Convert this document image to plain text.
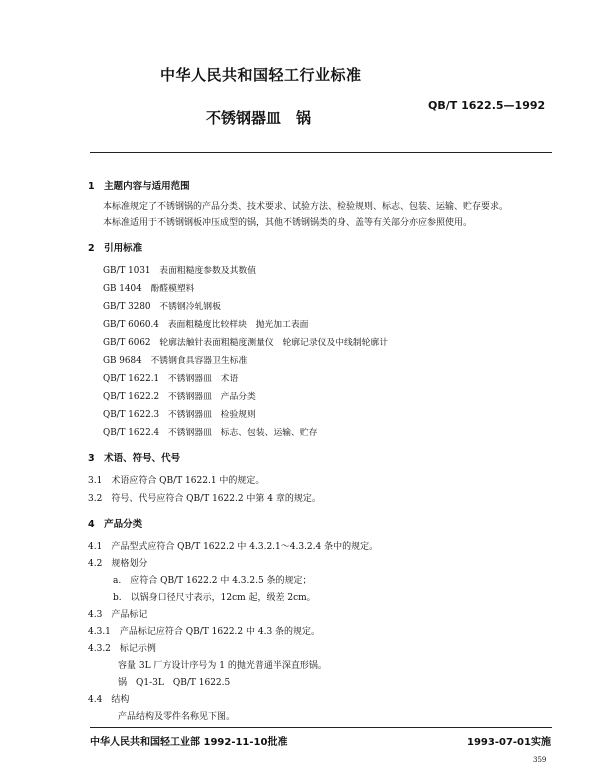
中华人民共和国轻工行业标准
QB/T 1622.5—1992
不锈钢器皿　锅
1　主题内容与适用范围
本标准规定了不锈钢锅的产品分类、技术要求、试验方法、检验规则、标志、包装、运输、贮存要求。
本标准适用于不锈钢钢板冲压成型的锅，其他不锈钢锅类的身、盖等有关部分亦应参照使用。
2　引用标准
GB/T 1031　表面粗糙度参数及其数值
GB 1404　酚醛模塑料
GB/T 3280　不锈钢冷轧钢板
GB/T 6060.4　表面粗糙度比较样块　抛光加工表面
GB/T 6062　轮廓法触针表面粗糙度测量仪　轮廓记录仪及中线制轮廓计
GB 9684　不锈钢食具容器卫生标准
QB/T 1622.1　不锈钢器皿　术语
QB/T 1622.2　不锈钢器皿　产品分类
QB/T 1622.3　不锈钢器皿　检验规则
QB/T 1622.4　不锈钢器皿　标志、包装、运输、贮存
3　术语、符号、代号
3.1　术语应符合 QB/T 1622.1 中的规定。
3.2　符号、代号应符合 QB/T 1622.2 中第 4 章的规定。
4　产品分类
4.1　产品型式应符合 QB/T 1622.2 中 4.3.2.1～4.3.2.4 条中的规定。
4.2　规格划分
a.　应符合 QB/T 1622.2 中 4.3.2.5 条的规定；
b.　以锅身口径尺寸表示，12cm 起，级差 2cm。
4.3　产品标记
4.3.1　产品标记应符合 QB/T 1622.2 中 4.3 条的规定。
4.3.2　标记示例
容量 3L 厂方设计序号为 1 的抛光普通半深直形锅。
锅　Q1-3L　QB/T 1622.5
4.4　结构
产品结构及零件名称见下图。
中华人民共和国轻工业部 1992-11-10批准	1993-07-01实施
359
